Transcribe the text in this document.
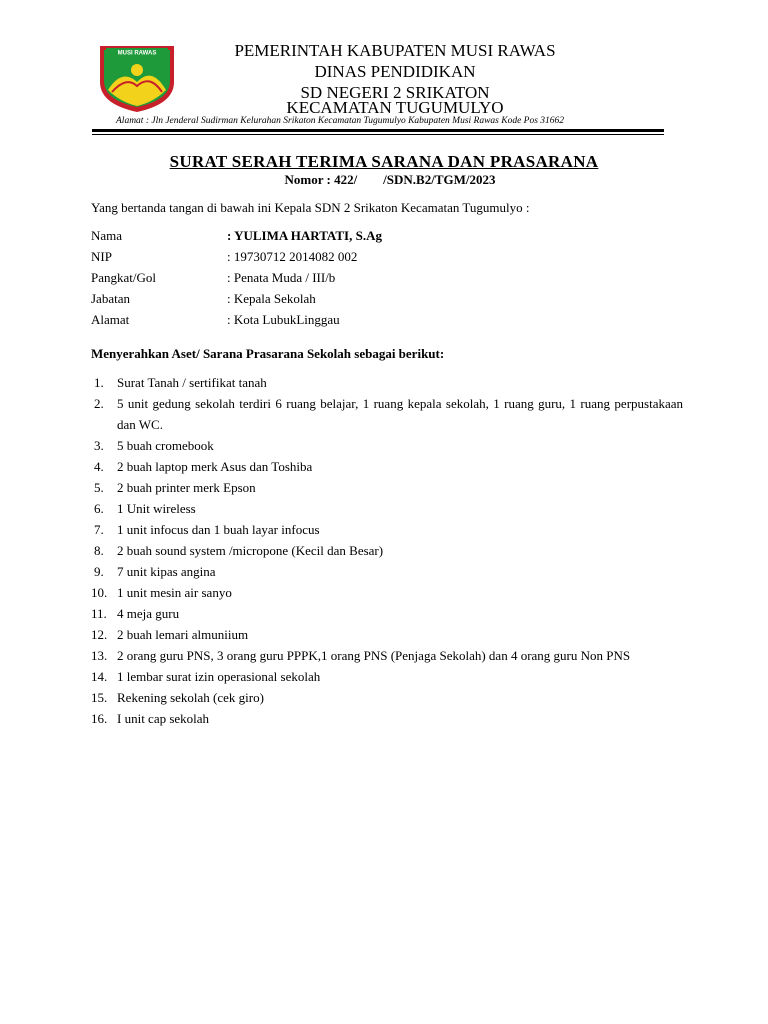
MUSI RAWAS	PEMERINTAH KABUPATEN MUSI RAWAS
DINAS PENDIDIKAN
SD NEGERI 2 SRIKATON
KECAMATAN TUGUMULYO
Alamat : Jln Jenderal Sudirman Kelurahan Srikaton Kecamatan Tugumulyo Kabupaten Musi Rawas Kode Pos 31662
SURAT SERAH TERIMA SARANA DAN PRASARANA
Nomor : 422/        /SDN.B2/TGM/2023
Yang bertanda tangan di bawah ini Kepala SDN 2 Srikaton Kecamatan Tugumulyo :
Nama	: YULIMA HARTATI, S.Ag
NIP	: 19730712 2014082 002
Pangkat/Gol	: Penata Muda / III/b
Jabatan	: Kepala Sekolah
Alamat	: Kota LubukLinggau
Menyerahkan Aset/ Sarana Prasarana Sekolah sebagai berikut:
1. Surat Tanah / sertifikat tanah
2. 5 unit gedung sekolah terdiri 6 ruang belajar, 1 ruang kepala sekolah, 1 ruang guru, 1 ruang perpustakaan dan WC.
3. 5 buah cromebook
4. 2 buah laptop merk Asus dan Toshiba
5. 2 buah printer merk Epson
6. 1 Unit wireless
7. 1 unit infocus dan 1 buah layar infocus
8. 2 buah sound system /micropone (Kecil dan Besar)
9. 7 unit kipas angina
10. 1 unit mesin air sanyo
11. 4 meja guru
12. 2 buah lemari almuniium
13. 2 orang guru PNS, 3 orang guru PPPK,1 orang PNS (Penjaga Sekolah) dan 4 orang guru Non PNS
14. 1 lembar surat izin operasional sekolah
15. Rekening sekolah (cek giro)
16. I unit cap sekolah
